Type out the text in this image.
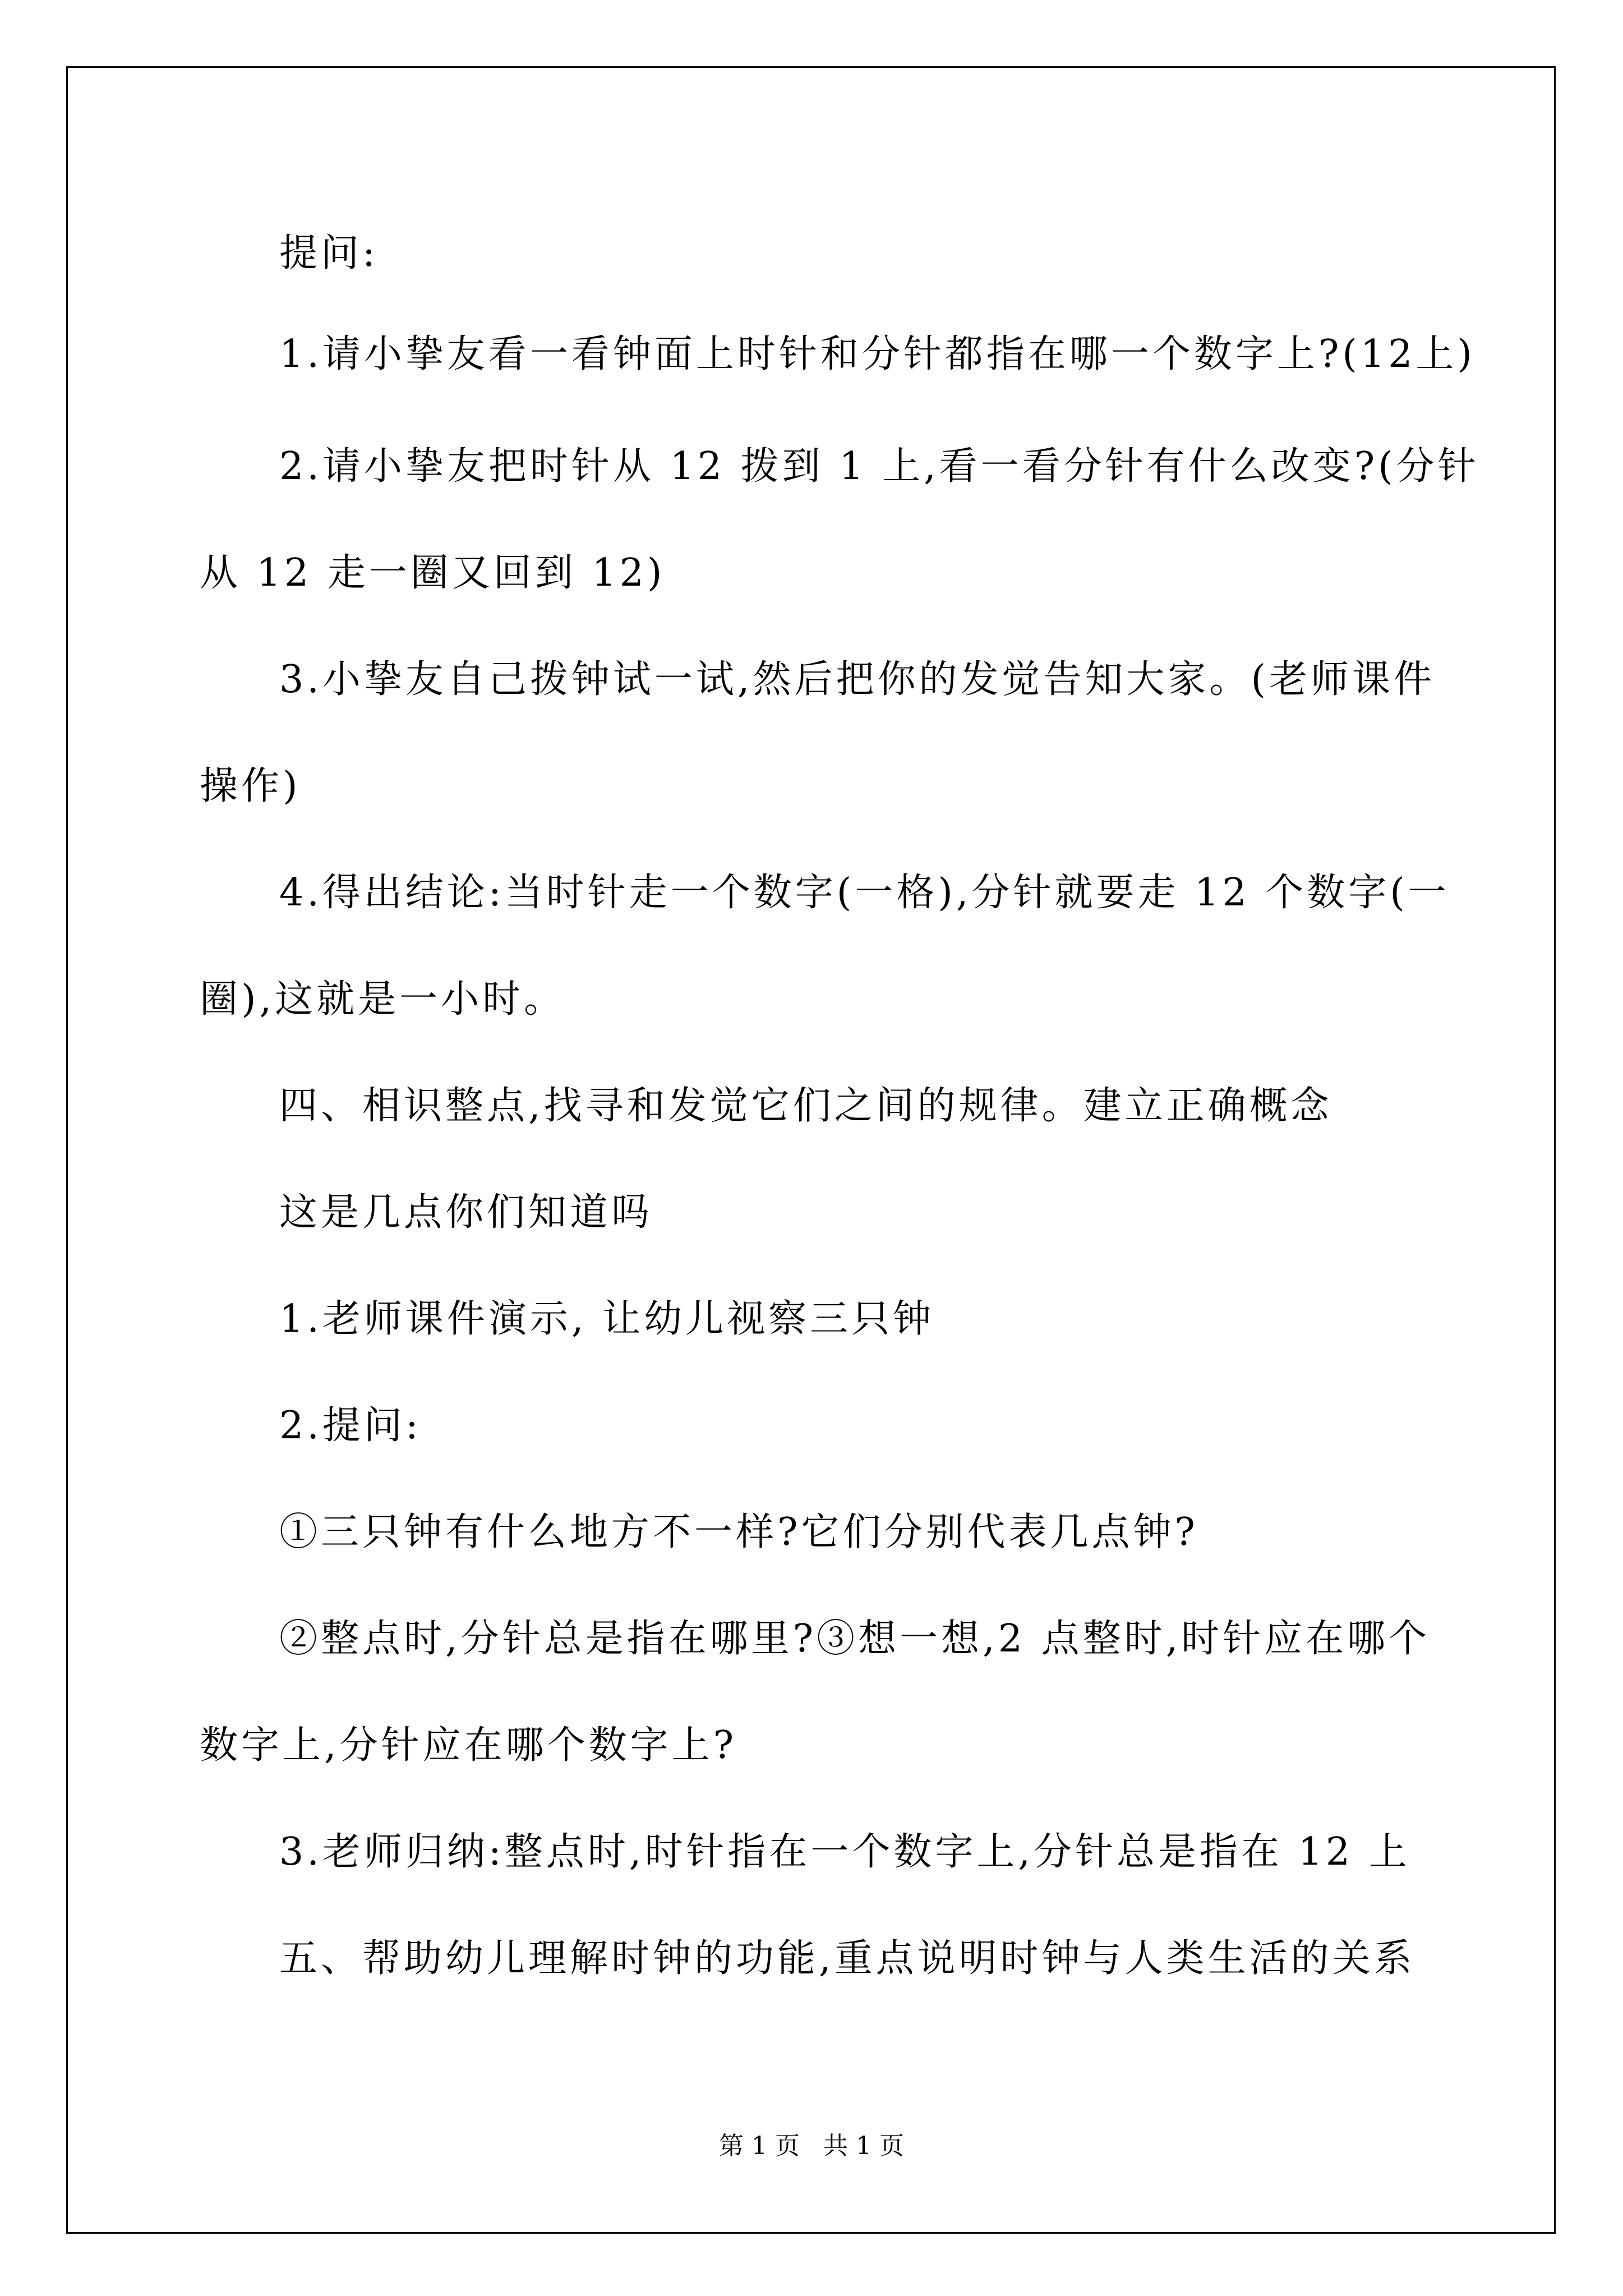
提问:
1.请小挚友看一看钟面上时针和分针都指在哪一个数字上?(12上)
2.请小挚友把时针从 12 拨到 1 上,看一看分针有什么改变?(分针
从 12 走一圈又回到 12)
3.小挚友自己拨钟试一试,然后把你的发觉告知大家。(老师课件
操作)
4.得出结论:当时针走一个数字(一格),分针就要走 12 个数字(一
圈),这就是一小时。
四、相识整点,找寻和发觉它们之间的规律。建立正确概念
这是几点你们知道吗
1.老师课件演示, 让幼儿视察三只钟
2.提问:
①三只钟有什么地方不一样?它们分别代表几点钟?
②整点时,分针总是指在哪里?③想一想,2 点整时,时针应在哪个
数字上,分针应在哪个数字上?
3.老师归纳:整点时,时针指在一个数字上,分针总是指在 12 上
五、帮助幼儿理解时钟的功能,重点说明时钟与人类生活的关系
第 1 页   共 1 页
